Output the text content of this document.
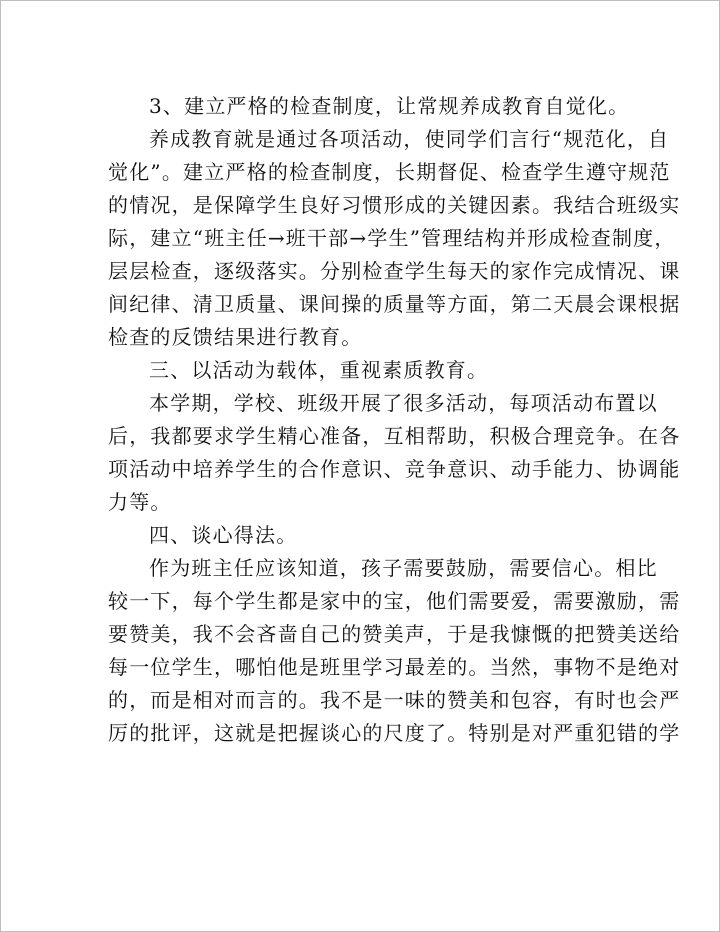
3、建立严格的检查制度，让常规养成教育自觉化。
养成教育就是通过各项活动，使同学们言行“规范化，自
觉化”。建立严格的检查制度，长期督促、检查学生遵守规范
的情况，是保障学生良好习惯形成的关键因素。我结合班级实
际，建立“班主任→班干部→学生”管理结构并形成检查制度，
层层检查，逐级落实。分别检查学生每天的家作完成情况、课
间纪律、清卫质量、课间操的质量等方面，第二天晨会课根据
检查的反馈结果进行教育。
三、以活动为载体，重视素质教育。
本学期，学校、班级开展了很多活动，每项活动布置以
后，我都要求学生精心准备，互相帮助，积极合理竞争。在各
项活动中培养学生的合作意识、竞争意识、动手能力、协调能
力等。
四、谈心得法。
作为班主任应该知道，孩子需要鼓励，需要信心。相比
较一下，每个学生都是家中的宝，他们需要爱，需要激励，需
要赞美，我不会吝啬自己的赞美声，于是我慷慨的把赞美送给
每一位学生，哪怕他是班里学习最差的。当然，事物不是绝对
的，而是相对而言的。我不是一味的赞美和包容，有时也会严
厉的批评，这就是把握谈心的尺度了。特别是对严重犯错的学
